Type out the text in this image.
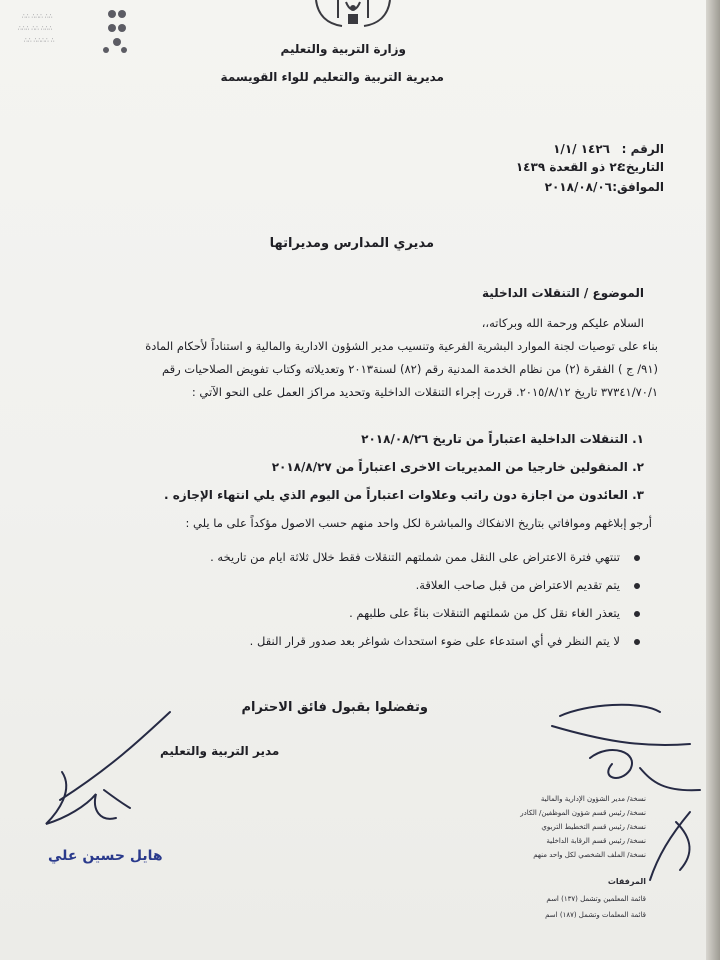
∴∴ ∴∴∴ ∴∴
∴∴∴ ∴∴ ∴∴∴
∴∴ ∴∴∴∴ ∴
وزارة التربية والتعليم
مديرية التربية والتعليم للواء القويسمة
الرقم :
١٤٢٦ /١/١
التاريخ:
٢٤ ذو القعدة ١٤٣٩
الموافق:
٢٠١٨/٠٨/٠٦
مديري المدارس ومديراتها
الموضوع / التنقلات الداخلية
السلام عليكم ورحمة الله وبركاته،،
بناء على توصيات لجنة الموارد البشرية الفرعية وتنسيب مدير الشؤون الادارية والمالية و استناداً لأحكام المادة
(٩١/ ج ) الفقرة (٢) من نظام الخدمة المدنية رقم (٨٢) لسنة٢٠١٣ وتعديلاته وكتاب تفويض الصلاحيات رقم
٣٧٣٤١/٧٠/١ تاريخ ٢٠١٥/٨/١٢. قررت إجراء التنقلات الداخلية وتحديد مراكز العمل على النحو الآتي :
١. التنقلات الداخلية اعتباراً من تاريخ ٢٠١٨/٠٨/٢٦
٢. المنقولين خارجيا من المديريات الاخرى اعتباراً من ٢٠١٨/٨/٢٧
٣. العائدون من اجازة دون راتب وعلاوات اعتباراً من اليوم الذي يلي انتهاء الإجازه .
أرجو إبلاغهم وموافاتي بتاريخ الانفكاك والمباشرة لكل واحد منهم حسب الاصول مؤكداً على ما يلي :
تنتهي فترة الاعتراض على النقل ممن شملتهم التنقلات فقط خلال ثلاثة ايام من تاريخه .
يتم تقديم الاعتراض من قبل صاحب العلاقة.
يتعذر الغاء نقل كل من شملتهم التنقلات بناءً على طلبهم .
لا يتم النظر في أي استدعاء على ضوء استحداث شواغر بعد صدور قرار النقل .
وتفضلوا بقبول فائق الاحترام
مدير التربية والتعليم
هايل حسين علي
نسخة/ مدير الشؤون الإدارية والمالية
نسخة/ رئيس قسم شؤون الموظفين/ الكادر
نسخة/ رئيس قسم التخطيط التربوي
نسخة/ رئيس قسم الرقابة الداخلية
نسخة/ الملف الشخصي لكل واحد منهم
المرفقات
قائمة المعلمين وتشمل (١٣٧) اسم
قائمة المعلمات وتشمل (١٨٧) اسم
